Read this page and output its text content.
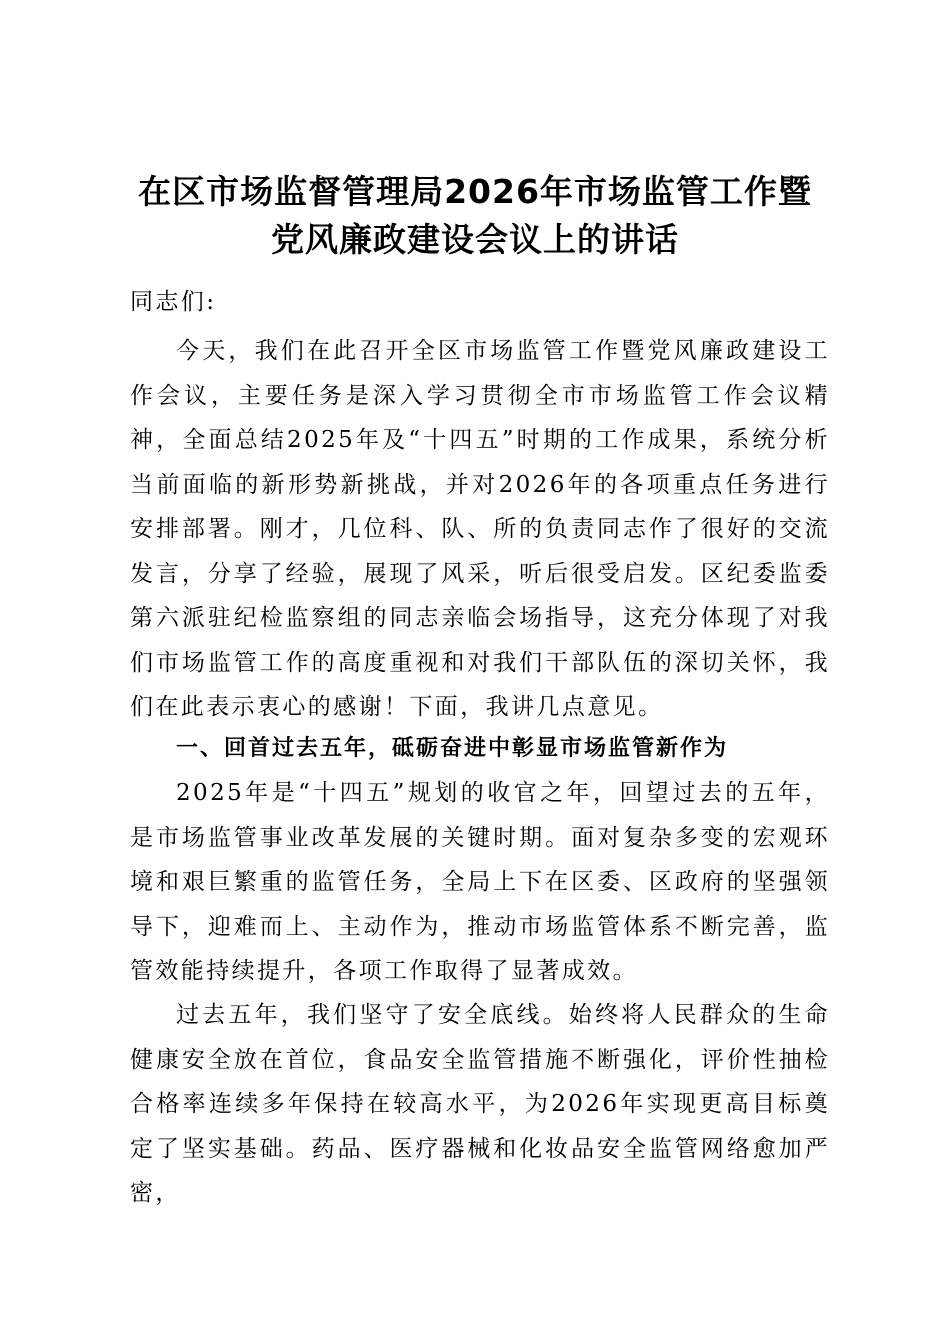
在区市场监督管理局2026年市场监管工作暨
党风廉政建设会议上的讲话

同志们:

今天，我们在此召开全区市场监管工作暨党风廉政建设工作会议，主要任务是深入学习贯彻全市市场监管工作会议精神，全面总结2025年及“十四五”时期的工作成果，系统分析当前面临的新形势新挑战，并对2026年的各项重点任务进行安排部署。刚才，几位科、队、所的负责同志作了很好的交流发言，分享了经验，展现了风采，听后很受启发。区纪委监委第六派驻纪检监察组的同志亲临会场指导，这充分体现了对我们市场监管工作的高度重视和对我们干部队伍的深切关怀，我们在此表示衷心的感谢！下面，我讲几点意见。

一、回首过去五年，砥砺奋进中彰显市场监管新作为

2025年是“十四五”规划的收官之年，回望过去的五年，是市场监管事业改革发展的关键时期。面对复杂多变的宏观环境和艰巨繁重的监管任务，全局上下在区委、区政府的坚强领导下，迎难而上、主动作为，推动市场监管体系不断完善，监管效能持续提升，各项工作取得了显著成效。

过去五年，我们坚守了安全底线。始终将人民群众的生命健康安全放在首位，食品安全监管措施不断强化，评价性抽检合格率连续多年保持在较高水平，为2026年实现更高目标奠定了坚实基础。药品、医疗器械和化妆品安全监管网络愈加严密，
